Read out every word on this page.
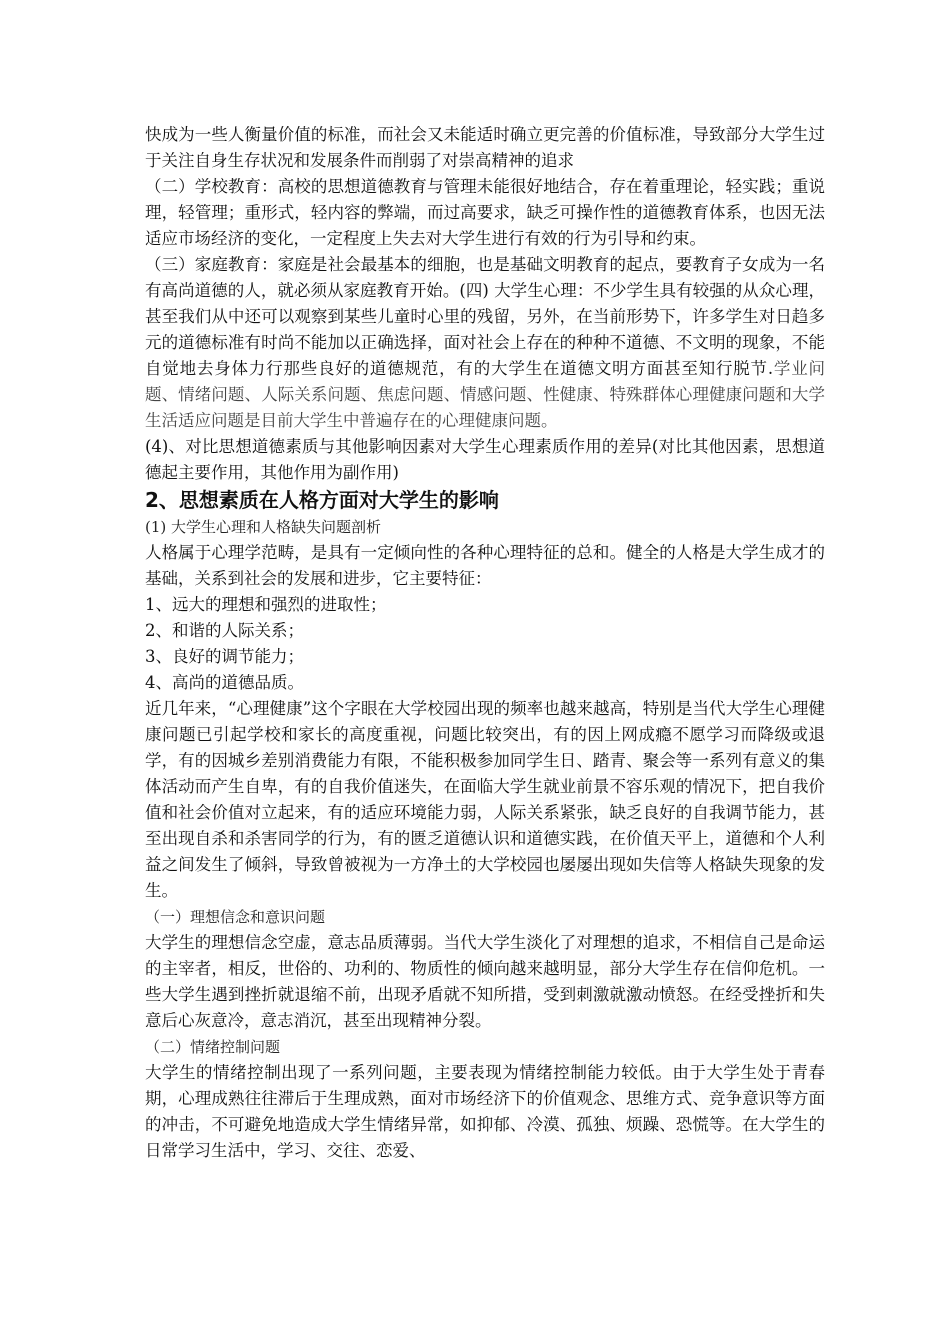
快成为一些人衡量价值的标准，而社会又未能适时确立更完善的价值标准，导致部分大学生过于关注自身生存状况和发展条件而削弱了对崇高精神的追求

（二）学校教育：高校的思想道德教育与管理未能很好地结合，存在着重理论，轻实践；重说理，轻管理；重形式，轻内容的弊端，而过高要求，缺乏可操作性的道德教育体系，也因无法适应市场经济的变化，一定程度上失去对大学生进行有效的行为引导和约束。

（三）家庭教育：家庭是社会最基本的细胞，也是基础文明教育的起点，要教育子女成为一名有高尚道德的人，就必须从家庭教育开始。(四) 大学生心理：不少学生具有较强的从众心理，甚至我们从中还可以观察到某些儿童时心里的残留，另外，在当前形势下，许多学生对日趋多元的道德标准有时尚不能加以正确选择，面对社会上存在的种种不道德、不文明的现象，不能自觉地去身体力行那些良好的道德规范，有的大学生在道德文明方面甚至知行脱节.学业问题、情绪问题、人际关系问题、焦虑问题、情感问题、性健康、特殊群体心理健康问题和大学生活适应问题是目前大学生中普遍存在的心理健康问题。

(4)、对比思想道德素质与其他影响因素对大学生心理素质作用的差异(对比其他因素，思想道德起主要作用，其他作用为副作用)

2、思想素质在人格方面对大学生的影响

(1) 大学生心理和人格缺失问题剖析

人格属于心理学范畴，是具有一定倾向性的各种心理特征的总和。健全的人格是大学生成才的基础，关系到社会的发展和进步，它主要特征：

1、远大的理想和强烈的进取性；

2、和谐的人际关系；

3、良好的调节能力；

4、高尚的道德品质。

近几年来，“心理健康”这个字眼在大学校园出现的频率也越来越高，特别是当代大学生心理健康问题已引起学校和家长的高度重视，问题比较突出，有的因上网成瘾不愿学习而降级或退学，有的因城乡差别消费能力有限，不能积极参加同学生日、踏青、聚会等一系列有意义的集体活动而产生自卑，有的自我价值迷失，在面临大学生就业前景不容乐观的情况下，把自我价值和社会价值对立起来，有的适应环境能力弱，人际关系紧张，缺乏良好的自我调节能力，甚至出现自杀和杀害同学的行为，有的匮乏道德认识和道德实践，在价值天平上，道德和个人利益之间发生了倾斜，导致曾被视为一方净土的大学校园也屡屡出现如失信等人格缺失现象的发生。

（一）理想信念和意识问题

大学生的理想信念空虚，意志品质薄弱。当代大学生淡化了对理想的追求，不相信自己是命运的主宰者，相反，世俗的、功利的、物质性的倾向越来越明显，部分大学生存在信仰危机。一些大学生遇到挫折就退缩不前，出现矛盾就不知所措，受到刺激就激动愤怒。在经受挫折和失意后心灰意冷，意志消沉，甚至出现精神分裂。

（二）情绪控制问题

大学生的情绪控制出现了一系列问题，主要表现为情绪控制能力较低。由于大学生处于青春期，心理成熟往往滞后于生理成熟，面对市场经济下的价值观念、思维方式、竞争意识等方面的冲击，不可避免地造成大学生情绪异常，如抑郁、冷漠、孤独、烦躁、恐慌等。在大学生的日常学习生活中，学习、交往、恋爱、
